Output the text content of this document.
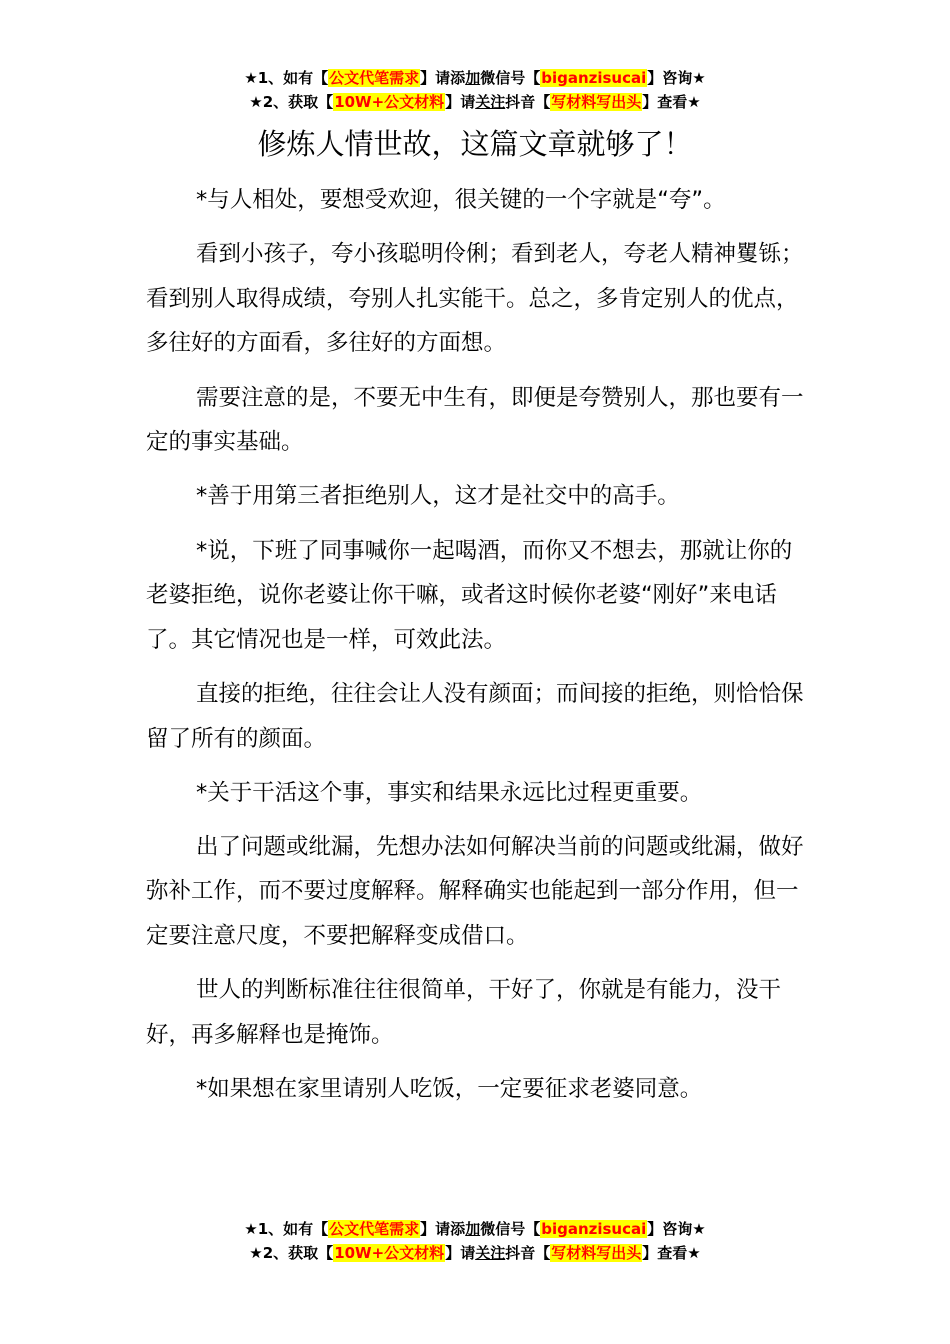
★1、如有【公文代笔需求】请添加微信号【biganzisucai】咨询★
★2、获取【10W+公文材料】请关注抖音【写材料写出头】查看★
修炼人情世故，这篇文章就够了！

*与人相处，要想受欢迎，很关键的一个字就是“夸”。

看到小孩子，夸小孩聪明伶俐；看到老人，夸老人精神矍铄；看到别人取得成绩，夸别人扎实能干。总之，多肯定别人的优点，多往好的方面看，多往好的方面想。

需要注意的是，不要无中生有，即便是夸赞别人，那也要有一定的事实基础。

*善于用第三者拒绝别人，这才是社交中的高手。

*说，下班了同事喊你一起喝酒，而你又不想去，那就让你的老婆拒绝，说你老婆让你干嘛，或者这时候你老婆“刚好”来电话了。其它情况也是一样，可效此法。

直接的拒绝，往往会让人没有颜面；而间接的拒绝，则恰恰保留了所有的颜面。

*关于干活这个事，事实和结果永远比过程更重要。

出了问题或纰漏，先想办法如何解决当前的问题或纰漏，做好弥补工作，而不要过度解释。解释确实也能起到一部分作用，但一定要注意尺度，不要把解释变成借口。

世人的判断标准往往很简单，干好了，你就是有能力，没干好，再多解释也是掩饰。

*如果想在家里请别人吃饭，一定要征求老婆同意。

★1、如有【公文代笔需求】请添加微信号【biganzisucai】咨询★
★2、获取【10W+公文材料】请关注抖音【写材料写出头】查看★
